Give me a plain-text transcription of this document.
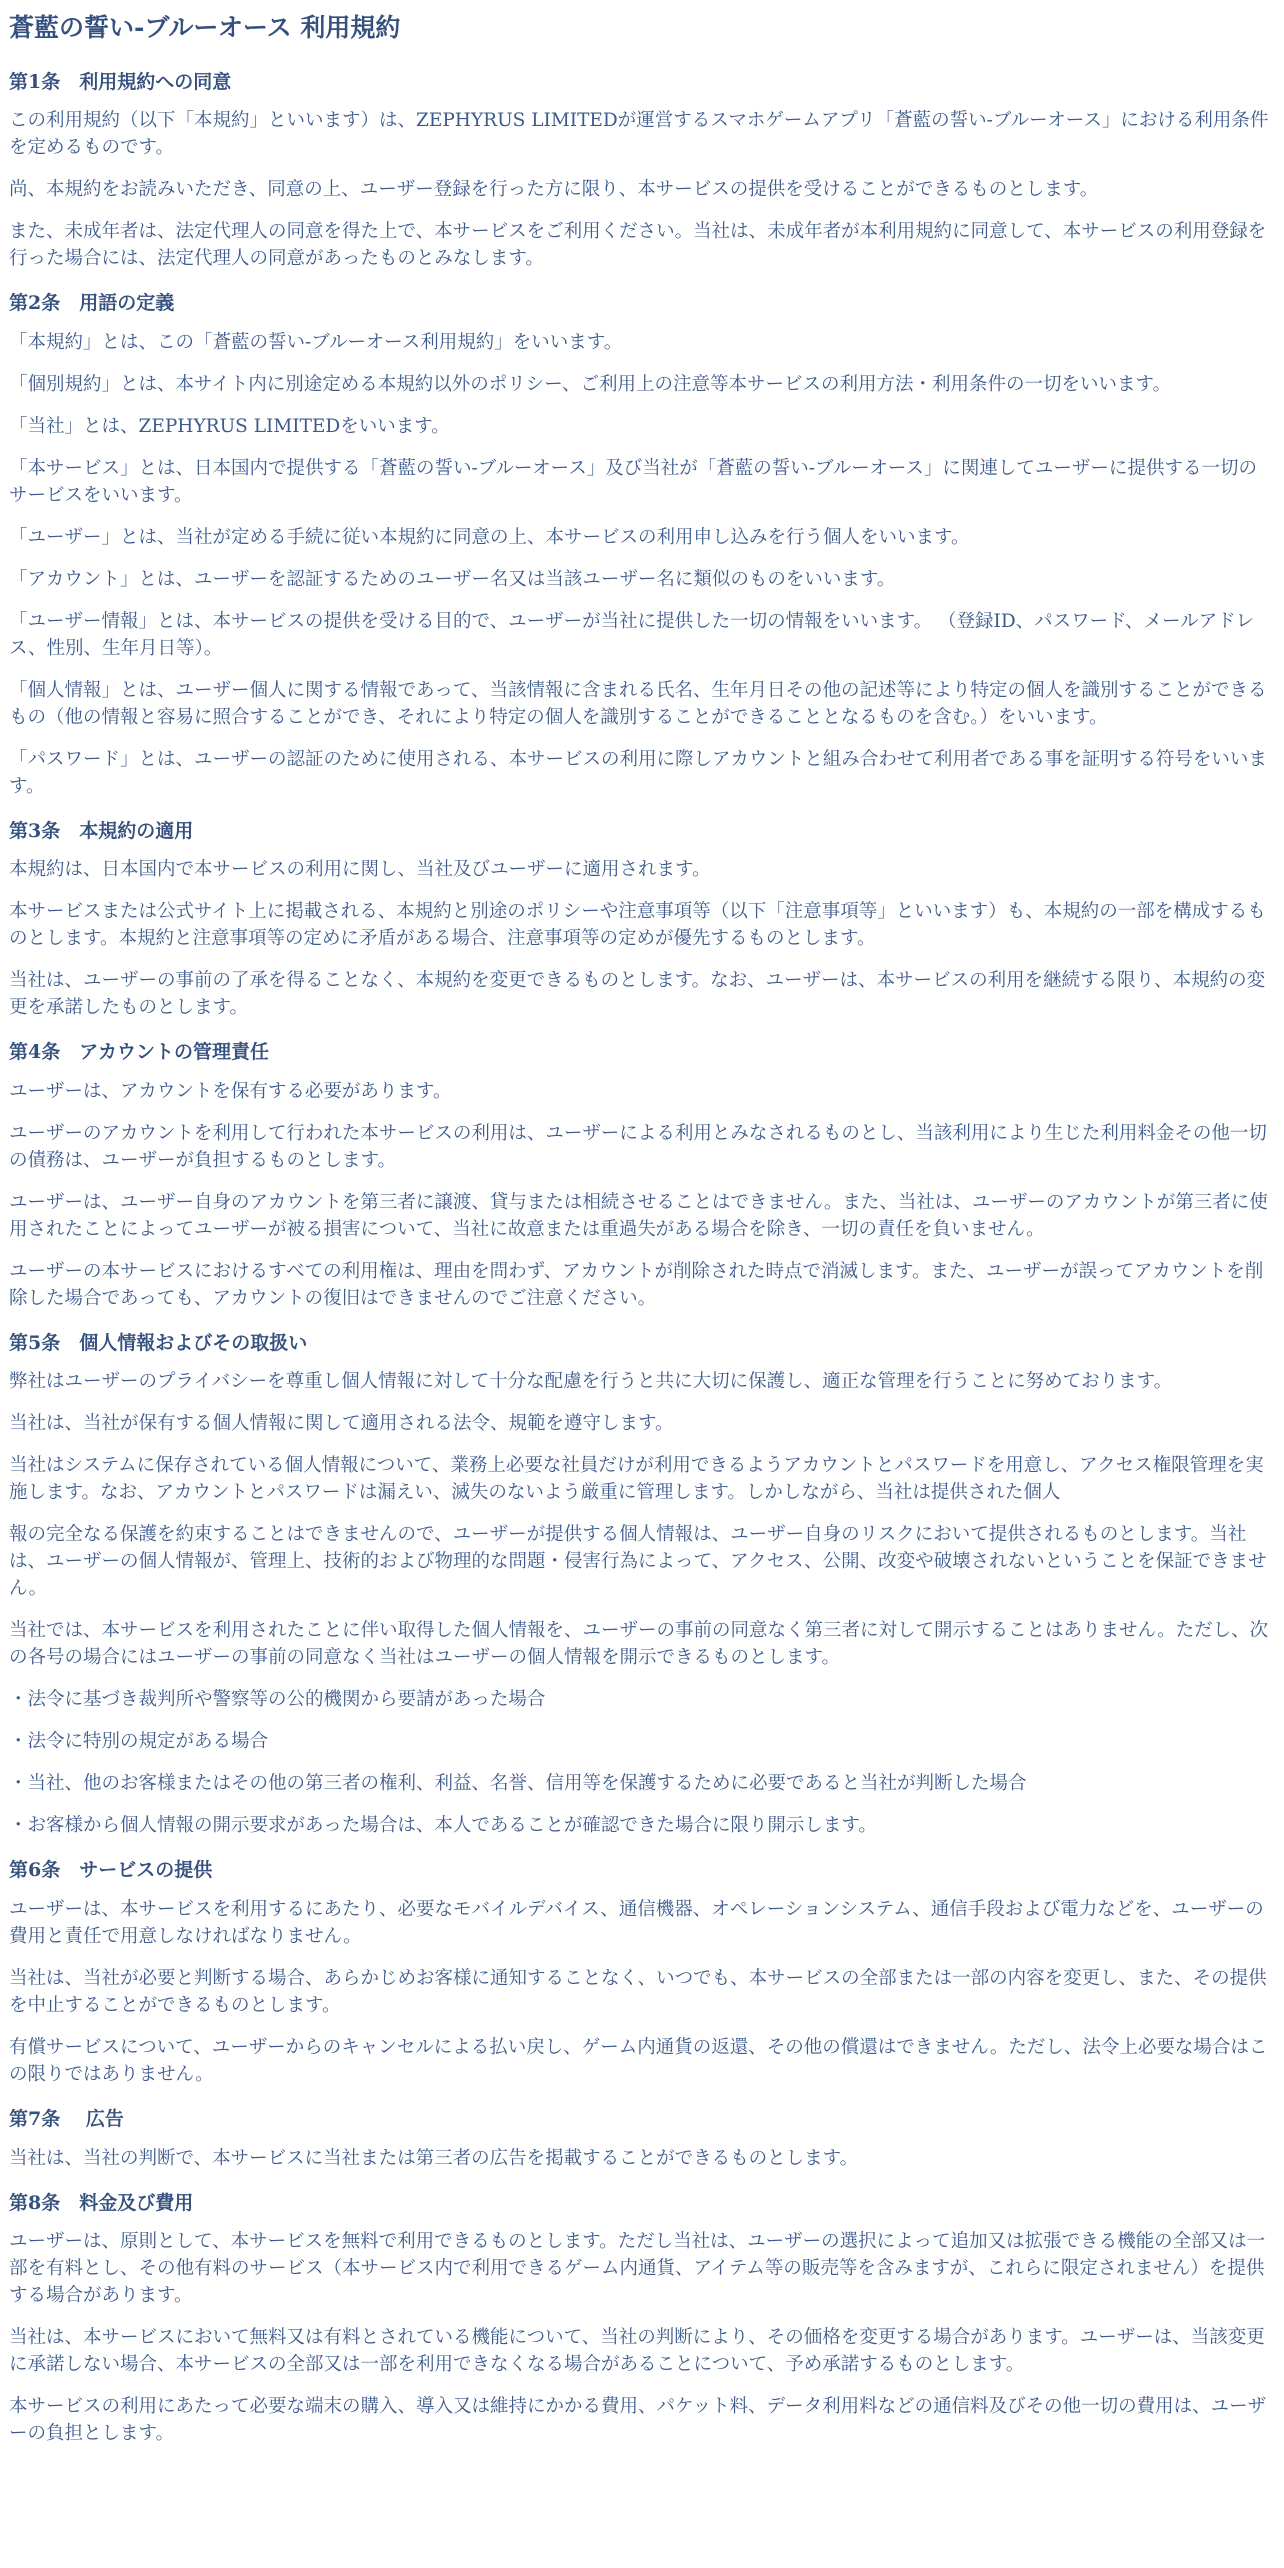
蒼藍の誓い-ブルーオース 利用規約
第1条　利用規約への同意

この利用規約（以下「本規約」といいます）は、ZEPHYRUS LIMITEDが運営するスマホゲームアプリ「蒼藍の誓い-ブルーオース」における利用条件を定めるものです。

尚、本規約をお読みいただき、同意の上、ユーザー登録を行った方に限り、本サービスの提供を受けることができるものとします。

また、未成年者は、法定代理人の同意を得た上で、本サービスをご利用ください。当社は、未成年者が本利用規約に同意して、本サービスの利用登録を行った場合には、法定代理人の同意があったものとみなします。

第2条　用語の定義

「本規約」とは、この「蒼藍の誓い-ブルーオース利用規約」をいいます。

「個別規約」とは、本サイト内に別途定める本規約以外のポリシー、ご利用上の注意等本サービスの利用方法・利用条件の一切をいいます。

「当社」とは、ZEPHYRUS LIMITEDをいいます。

「本サービス」とは、日本国内で提供する「蒼藍の誓い-ブルーオース」及び当社が「蒼藍の誓い-ブルーオース」に関連してユーザーに提供する一切のサービスをいいます。

「ユーザー」とは、当社が定める手続に従い本規約に同意の上、本サービスの利用申し込みを行う個人をいいます。

「アカウント」とは、ユーザーを認証するためのユーザー名又は当該ユーザー名に類似のものをいいます。

「ユーザー情報」とは、本サービスの提供を受ける目的で、ユーザーが当社に提供した一切の情報をいいます。 （登録ID、パスワード、メールアドレス、性別、生年月日等）。

「個人情報」とは、ユーザー個人に関する情報であって、当該情報に含まれる氏名、生年月日その他の記述等により特定の個人を識別することができるもの（他の情報と容易に照合することができ、それにより特定の個人を識別することができることとなるものを含む。）をいいます。

「パスワード」とは、ユーザーの認証のために使用される、本サービスの利用に際しアカウントと組み合わせて利用者である事を証明する符号をいいます。

第3条　本規約の適用

本規約は、日本国内で本サービスの利用に関し、当社及びユーザーに適用されます。

本サービスまたは公式サイト上に掲載される、本規約と別途のポリシーや注意事項等（以下「注意事項等」といいます）も、本規約の一部を構成するものとします。本規約と注意事項等の定めに矛盾がある場合、注意事項等の定めが優先するものとします。

当社は、ユーザーの事前の了承を得ることなく、本規約を変更できるものとします。なお、ユーザーは、本サービスの利用を継続する限り、本規約の変更を承諾したものとします。

第4条　アカウントの管理責任

ユーザーは、アカウントを保有する必要があります。

ユーザーのアカウントを利用して行われた本サービスの利用は、ユーザーによる利用とみなされるものとし、当該利用により生じた利用料金その他一切の債務は、ユーザーが負担するものとします。

ユーザーは、ユーザー自身のアカウントを第三者に譲渡、貸与または相続させることはできません。また、当社は、ユーザーのアカウントが第三者に使用されたことによってユーザーが被る損害について、当社に故意または重過失がある場合を除き、一切の責任を負いません。

ユーザーの本サービスにおけるすべての利用権は、理由を問わず、アカウントが削除された時点で消滅します。また、ユーザーが誤ってアカウントを削除した場合であっても、アカウントの復旧はできませんのでご注意ください。

第5条　個人情報およびその取扱い

弊社はユーザーのプライバシーを尊重し個人情報に対して十分な配慮を行うと共に大切に保護し、適正な管理を行うことに努めております。

当社は、当社が保有する個人情報に関して適用される法令、規範を遵守します。

当社はシステムに保存されている個人情報について、業務上必要な社員だけが利用できるようアカウントとパスワードを用意し、アクセス権限管理を実施します。なお、アカウントとパスワードは漏えい、滅失のないよう厳重に管理します。しかしながら、当社は提供された個人

報の完全なる保護を約束することはできませんので、ユーザーが提供する個人情報は、ユーザー自身のリスクにおいて提供されるものとします。当社は、ユーザーの個人情報が、管理上、技術的および物理的な問題・侵害行為によって、アクセス、公開、改変や破壊されないということを保証できません。

当社では、本サービスを利用されたことに伴い取得した個人情報を、ユーザーの事前の同意なく第三者に対して開示することはありません。ただし、次の各号の場合にはユーザーの事前の同意なく当社はユーザーの個人情報を開示できるものとします。

・法令に基づき裁判所や警察等の公的機関から要請があった場合

・法令に特別の規定がある場合

・当社、他のお客様またはその他の第三者の権利、利益、名誉、信用等を保護するために必要であると当社が判断した場合

・お客様から個人情報の開示要求があった場合は、本人であることが確認できた場合に限り開示します。

第6条　サービスの提供

ユーザーは、本サービスを利用するにあたり、必要なモバイルデバイス、通信機器、オペレーションシステム、通信手段および電力などを、ユーザーの費用と責任で用意しなければなりません。

当社は、当社が必要と判断する場合、あらかじめお客様に通知することなく、いつでも、本サービスの全部または一部の内容を変更し、また、その提供を中止することができるものとします。

有償サービスについて、ユーザーからのキャンセルによる払い戻し、ゲーム内通貨の返還、その他の償還はできません。ただし、法令上必要な場合はこの限りではありません。

第7条　 広告

当社は、当社の判断で、本サービスに当社または第三者の広告を掲載することができるものとします。

第8条　料金及び費用

ユーザーは、原則として、本サービスを無料で利用できるものとします。ただし当社は、ユーザーの選択によって追加又は拡張できる機能の全部又は一部を有料とし、その他有料のサービス（本サービス内で利用できるゲーム内通貨、アイテム等の販売等を含みますが、これらに限定されません）を提供する場合があります。

当社は、本サービスにおいて無料又は有料とされている機能について、当社の判断により、その価格を変更する場合があります。ユーザーは、当該変更に承諾しない場合、本サービスの全部又は一部を利用できなくなる場合があることについて、予め承諾するものとします。

本サービスの利用にあたって必要な端末の購入、導入又は維持にかかる費用、パケット料、データ利用料などの通信料及びその他一切の費用は、ユーザーの負担とします。
